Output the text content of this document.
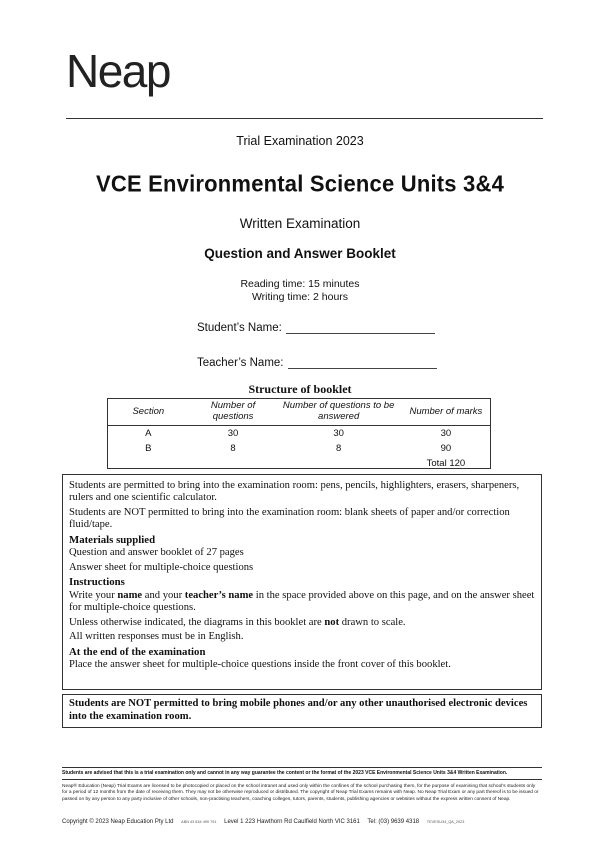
Neap
Trial Examination 2023
VCE Environmental Science Units 3&4
Written Examination
Question and Answer Booklet
Reading time: 15 minutes
Writing time: 2 hours
Student’s Name:
Teacher’s Name:
Structure of booklet
Section	Number of questions	Number of questions to be answered	Number of marks
A	30	30	30
B	8	8	90
			Total 120

Students are permitted to bring into the examination room: pens, pencils, highlighters, erasers, sharpeners, rulers and one scientific calculator.

Students are NOT permitted to bring into the examination room: blank sheets of paper and/or correction fluid/tape.

Materials supplied

Question and answer booklet of 27 pages

Answer sheet for multiple-choice questions

Instructions

Write your name and your teacher’s name in the space provided above on this page, and on the answer sheet for multiple-choice questions.

Unless otherwise indicated, the diagrams in this booklet are not drawn to scale.

All written responses must be in English.

At the end of the examination

Place the answer sheet for multiple-choice questions inside the front cover of this booklet.

Students are NOT permitted to bring mobile phones and/or any other unauthorised electronic devices into the examination room.
Students are advised that this is a trial examination only and cannot in any way guarantee the content or the format of the 2023 VCE Environmental Science Units 3&4 Written Examination.
Neap® Education (Neap) Trial Exams are licensed to be photocopied or placed on the school intranet and used only within the confines of the school purchasing them, for the purpose of examining that school’s students only for a period of 12 months from the date of receiving them. They may not be otherwise reproduced or distributed. The copyright of Neap Trial Exams remains with Neap. No Neap Trial Exam or any part thereof is to be issued or passed on by any person to any party inclusive of other schools, non-practising teachers, coaching colleges, tutors, parents, students, publishing agencies or websites without the express written consent of Neap.
Copyright © 2023 Neap Education Pty Ltd ABN 43 634 499 791 Level 1 223 Hawthorn Rd Caulfield North VIC 3161 Tel: (03) 9639 4318 TEVESU34_QA_2023
